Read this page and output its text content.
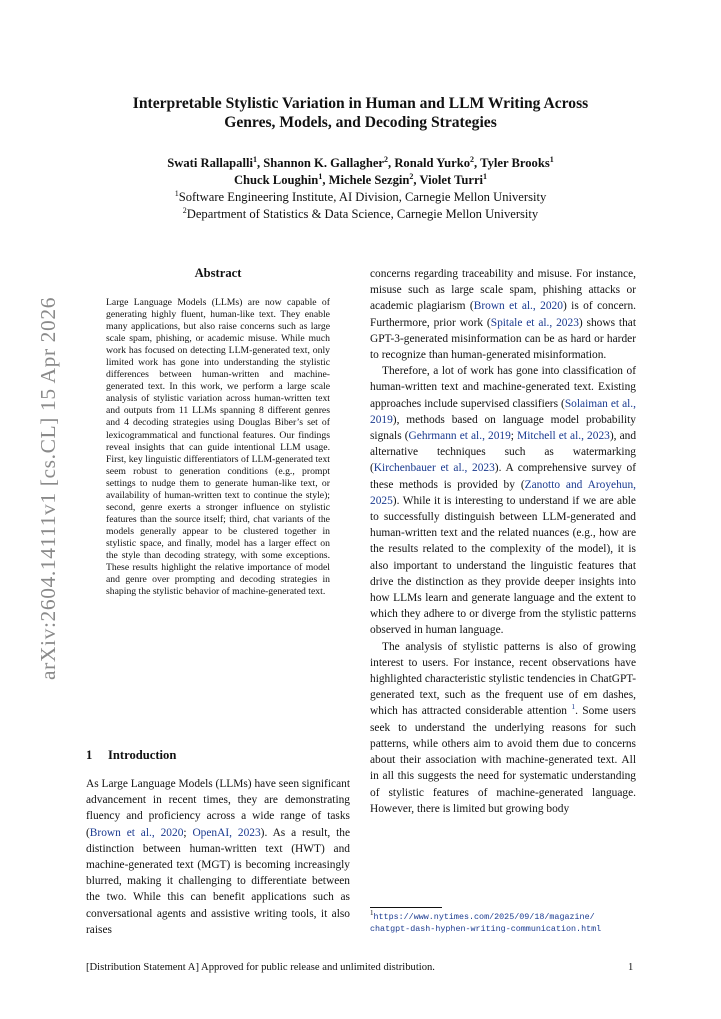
Interpretable Stylistic Variation in Human and LLM Writing Across
Genres, Models, and Decoding Strategies
Swati Rallapalli$^1$, Shannon K. Gallagher$^2$, Ronald Yurko$^2$, Tyler Brooks$^1$
Chuck Loughin$^1$, Michele Sezgin$^2$, Violet Turri$^1$
$^1$Software Engineering Institute, AI Division, Carnegie Mellon University
$^2$Department of Statistics & Data Science, Carnegie Mellon University
arXiv:2604.14111v1 [cs.CL] 15 Apr 2026
Abstract

Large Language Models (LLMs) are now capable of generating highly fluent, human-like text. They enable many applications, but also raise concerns such as large scale spam, phishing, or academic misuse. While much work has focused on detecting LLM-generated text, only limited work has gone into understanding the stylistic differences between human-written and machine-generated text. In this work, we perform a large scale analysis of stylistic variation across human-written text and outputs from 11 LLMs spanning 8 different genres and 4 decoding strategies using Douglas Biber’s set of lexicogrammatical and functional features. Our findings reveal insights that can guide intentional LLM usage. First, key linguistic differentiators of LLM-generated text seem robust to generation conditions (e.g., prompt settings to nudge them to generate human-like text, or availability of human-written text to continue the style); second, genre exerts a stronger influence on stylistic features than the source itself; third, chat variants of the models generally appear to be clustered together in stylistic space, and finally, model has a larger effect on the style than decoding strategy, with some exceptions. These results highlight the relative importance of model and genre over prompting and decoding strategies in shaping the stylistic behavior of machine-generated text.

1 Introduction

As Large Language Models (LLMs) have seen significant advancement in recent times, they are demonstrating fluency and proficiency across a wide range of tasks (Brown et al., 2020; OpenAI, 2023). As a result, the distinction between human-written text (HWT) and machine-generated text (MGT) is becoming increasingly blurred, making it challenging to differentiate between the two. While this can benefit applications such as conversational agents and assistive writing tools, it also raises

concerns regarding traceability and misuse. For instance, misuse such as large scale spam, phishing attacks or academic plagiarism (Brown et al., 2020) is of concern. Furthermore, prior work (Spitale et al., 2023) shows that GPT-3-generated misinformation can be as hard or harder to recognize than human-generated misinformation.

Therefore, a lot of work has gone into classification of human-written text and machine-generated text. Existing approaches include supervised classifiers (Solaiman et al., 2019), methods based on language model probability signals (Gehrmann et al., 2019; Mitchell et al., 2023), and alternative techniques such as watermarking (Kirchenbauer et al., 2023). A comprehensive survey of these methods is provided by (Zanotto and Aroyehun, 2025). While it is interesting to understand if we are able to successfully distinguish between LLM-generated and human-written text and the related nuances (e.g., how are the results related to the complexity of the model), it is also important to understand the linguistic features that drive the distinction as they provide deeper insights into how LLMs learn and generate language and the extent to which they adhere to or diverge from the stylistic patterns observed in human language.

The analysis of stylistic patterns is also of growing interest to users. For instance, recent observations have highlighted characteristic stylistic tendencies in ChatGPT-generated text, such as the frequent use of em dashes, which has attracted considerable attention $^1$. Some users seek to understand the underlying reasons for such patterns, while others aim to avoid them due to concerns about their association with machine-generated text. All in all this suggests the need for systematic understanding of stylistic features of machine-generated language. However, there is limited but growing body

$^1$https://www.nytimes.com/2025/09/18/magazine/
chatgpt-dash-hyphen-writing-communication.html
[Distribution Statement A] Approved for public release and unlimited distribution.	1
